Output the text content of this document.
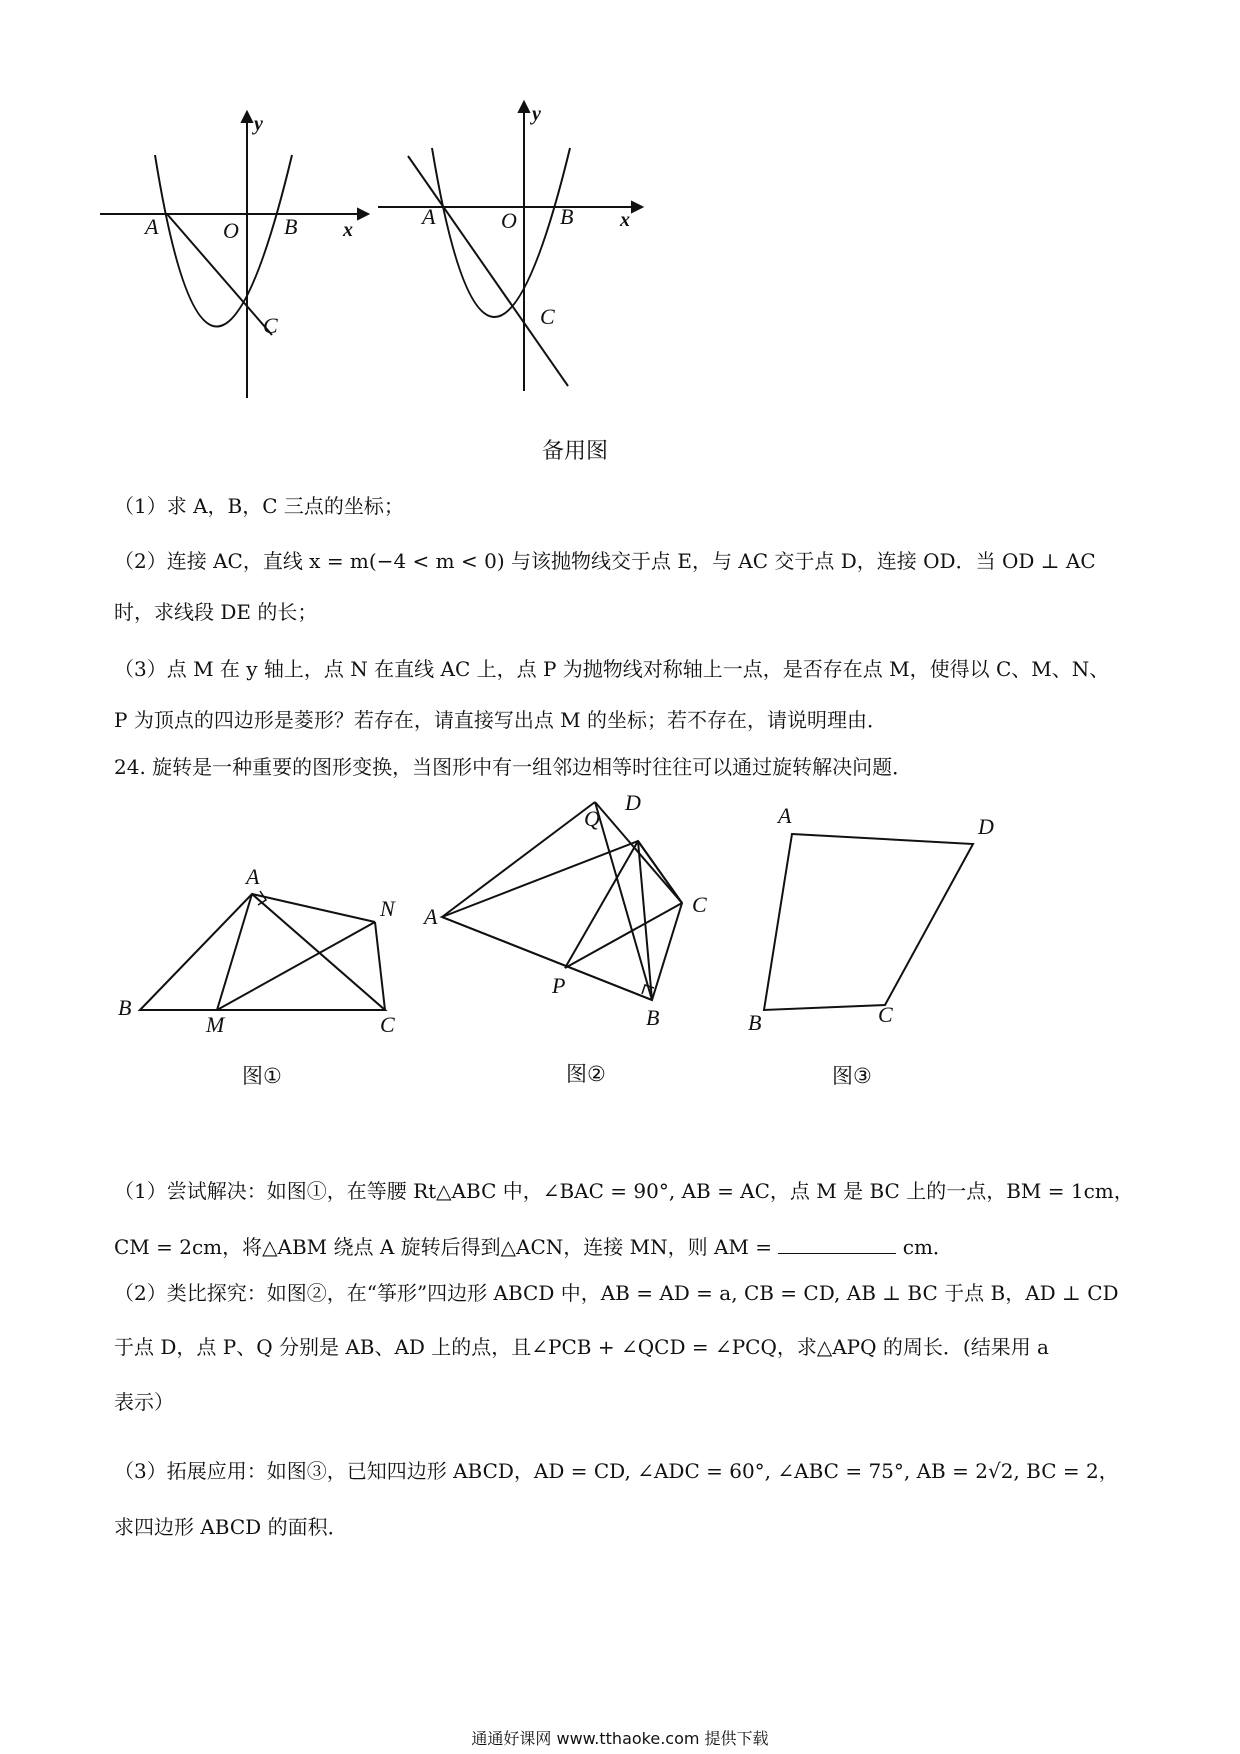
y
x
A	O B
C
y
x
A	O B
C
备用图
（1）求 A，B，C 三点的坐标；
（2）连接 AC，直线 x = m(−4 < m < 0) 与该抛物线交于点 E，与 AC 交于点 D，连接 OD．当 OD ⊥ AC
时，求线段 DE 的长；
（3）点 M 在 y 轴上，点 N 在直线 AC 上，点 P 为抛物线对称轴上一点，是否存在点 M，使得以 C、M、N、
P 为顶点的四边形是菱形？若存在，请直接写出点 M 的坐标；若不存在，请说明理由．
24. 旋转是一种重要的图形变换，当图形中有一组邻边相等时往往可以通过旋转解决问题．
A
B
M	C
N
图①
A
Q
D
C
P
B
图②
A	D
B	C
图③
（1）尝试解决：如图①，在等腰 Rt△ABC 中，∠BAC = 90°, AB = AC，点 M 是 BC 上的一点，BM = 1cm，
CM = 2cm，将△ABM 绕点 A 旋转后得到△ACN，连接 MN，则 AM =	cm．
（2）类比探究：如图②，在“筝形”四边形 ABCD 中，AB = AD = a, CB = CD, AB ⊥ BC 于点 B，AD ⊥ CD
于点 D，点 P、Q 分别是 AB、AD 上的点，且∠PCB + ∠QCD = ∠PCQ，求△APQ 的周长．(结果用 a
表示）
（3）拓展应用：如图③，已知四边形 ABCD，AD = CD, ∠ADC = 60°, ∠ABC = 75°, AB = 2√2, BC = 2，
求四边形 ABCD 的面积．
通通好课网 www.tthaoke.com 提供下载
